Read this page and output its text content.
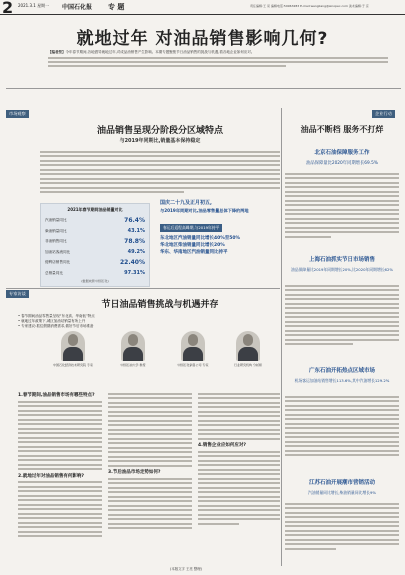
2 2021.3.1 星期一 中国石化报 专 题	责任编辑:王 亮 编辑电话:59963283 E-mail:wangliang@sinopec.com 美术编辑:于 京
就地过年 对油品销售影响几何?
【编者按】今年春节期间,各地倡导就地过年,对成品油销售产生影响。本期专题聚焦节日油品销售的挑战与机遇,看各地企业如何应对。
市场观察
专家访谈
企业行动
油品销售呈现分阶段分区域特点
与2019年同期比,销量基本保持稳定
2021年春节期间油品销量对比
汽油销量同比	76.4%
柴油销量同比	43.1%
非油销售同比	78.8%
加油站客流同比	49.2%
便利店销售同比	22.40%
总销量同比	97.31%
(数据来源:中国石化)
国庆二十九及正月初五,
与2019年同期对比,油品零售量总体下降的两地
春运后返程高峰期,与2019年持平
东北地区汽油销量同比增长40%至50%
华北地区柴油销量同比增长20%
华东、华南地区汽油销量同比持平
节日油品销售挑战与机遇并存
• 春节期间油品零售量呈现“东北高、华南低”特点
• 就地过年政策下,城区加油站销量有所上升
• 专家建议:抓住假期消费需求,做好节后市场准备
中国石化经济技术研究院 专家	中国石油大学 教授	中国石化销售公司 专家	行业研究机构 分析师
1.春节期间,油品销售市场有哪些特点?
2.就地过年对油品销售有何影响?
3.节后油品市场走势如何?
4.销售企业应如何应对?
油品不断档 服务不打烊
北京石油保障服务工作
油品保障量比2020年同期增长69.5%
上海石油抓实节日市场销售
油品保障量比2019年同期增长20%,比2020年同期增长62%
广东石油开拓热点区域市场
机场客运加油站销售增长113.6%,其中汽油增长129.2%
江苏石油开展潮市营销活动
汽油销量同比增长,柴油销量同比增长9%
(本版文字 王亮 整理)
